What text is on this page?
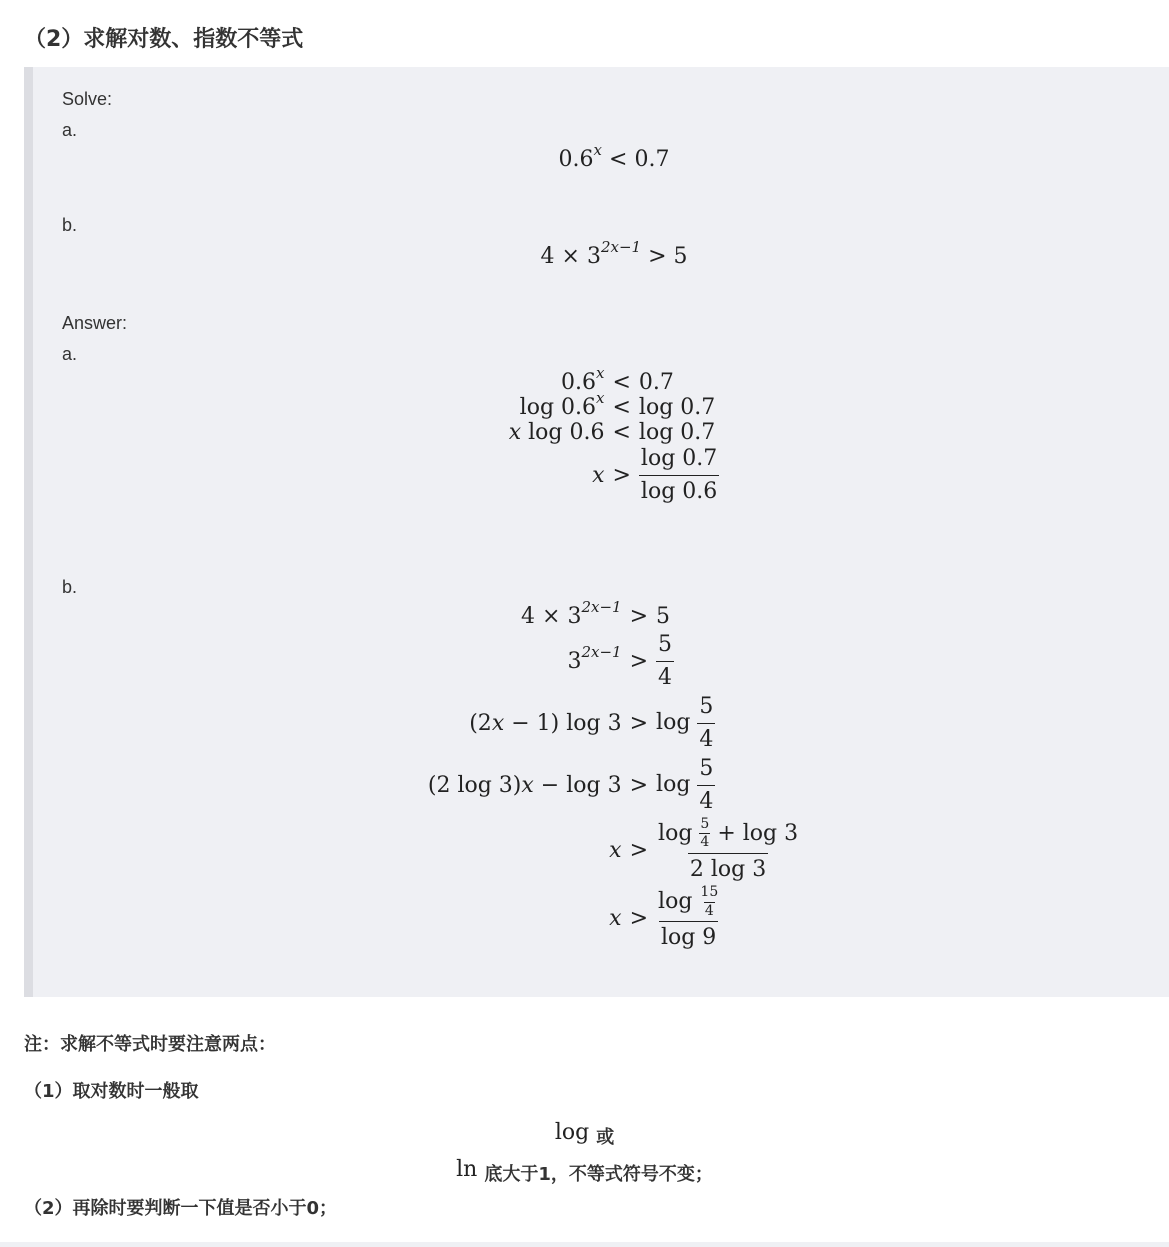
（2）求解对数、指数不等式
Solve:
a.
$0.6^x < 0.7$
b.
$4 \times 3^{2x-1} > 5$
Answer:
a.
$0.6^x < 0.7$
$\log 0.6^x < \log 0.7$
x log 0.6 < log 0.7
$x > \frac{\log 0.7}{\log 0.6}$
b.
$4 \times 3^{2x-1} > 5$
$3^{2x-1} > \frac{5}{4}$
(2x − 1) $\log 3 > \log \frac{5}{4}$
(2 $\log 3)x - \log 3 > \log \frac{5}{4}$
$x > \frac{\log \frac{5}{4} + \log 3}{2 \log 3}$
$x > \frac{\log \frac{15}{4}}{\log 9}$

注：求解不等式时要注意两点：

（1）取对数时一般取

log 或
ln 底大于1，不等式符号不变；

（2）再除时要判断一下值是否小于0；
